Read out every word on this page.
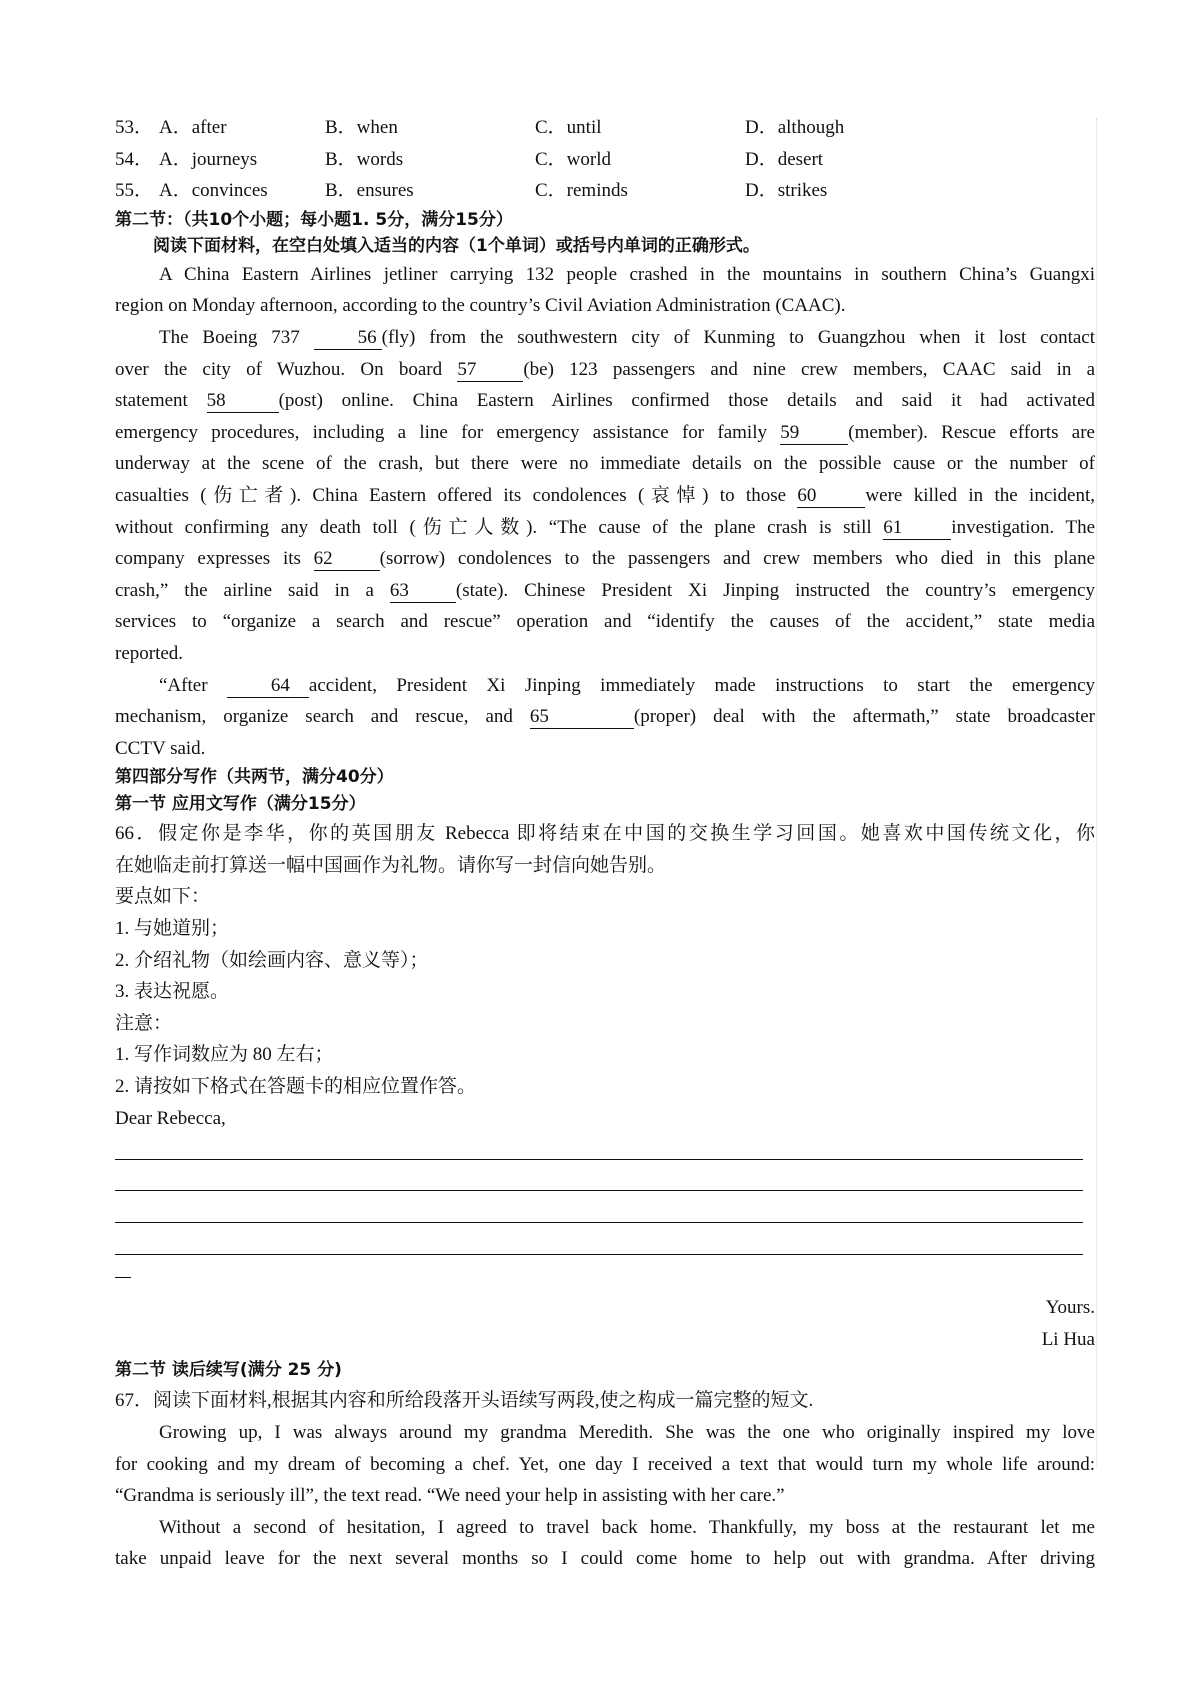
53． A．after	B．when	C．until	D．although
54． A．journeys	B．words	C．world	D．desert
55． A．convinces	B．ensures	C．reminds	D．strikes
第二节：（共10个小题；每小题1. 5分，满分15分）
阅读下面材料，在空白处填入适当的内容（1个单词）或括号内单词的正确形式。
A China Eastern Airlines jetliner carrying 132 people crashed in the mountains in southern China’s Guangxi
region on Monday afternoon, according to the country’s Civil Aviation Administration (CAAC).
The Boeing 737	56 (fly) from the southwestern city of Kunming to Guangzhou when it lost contact
over the city of Wuzhou. On board 57 (be) 123 passengers and nine crew members, CAAC said in a
statement 58	(post) online. China Eastern Airlines confirmed those details and said it had activated
emergency procedures, including a line for emergency assistance for family 59	(member). Rescue efforts are
underway at the scene of the crash, but there were no immediate details on the possible cause or the number of
casualties (伤亡者). China Eastern offered its condolences (哀悼) to those 60	were killed in the incident,
without confirming any death toll (伤亡人数). “The cause of the plane crash is still 61	investigation. The
company expresses its 62 (sorrow) condolences to the passengers and crew members who died in this plane
crash,” the airline said in a 63 (state). Chinese President Xi Jinping instructed the country’s emergency
services to “organize a search and rescue” operation and “identify the causes of the accident,” state media
reported.
“After	64 accident, President Xi Jinping immediately made instructions to start the emergency
mechanism, organize search and rescue, and 65	(proper) deal with the aftermath,” state broadcaster
CCTV said.
第四部分写作（共两节，满分40分）
第一节 应用文写作（满分15分）
66．假定你是李华，你的英国朋友 Rebecca 即将结束在中国的交换生学习回国。她喜欢中国传统文化，你
在她临走前打算送一幅中国画作为礼物。请你写一封信向她告别。
要点如下：
1. 与她道别；
2. 介绍礼物（如绘画内容、意义等）；
3. 表达祝愿。
注意：
1. 写作词数应为 80 左右；
2. 请按如下格式在答题卡的相应位置作答。
Dear Rebecca,
Yours.
Li Hua
第二节 读后续写(满分 25 分)
67．阅读下面材料,根据其内容和所给段落开头语续写两段,使之构成一篇完整的短文.
Growing up, I was always around my grandma Meredith. She was the one who originally inspired my love
for cooking and my dream of becoming a chef. Yet, one day I received a text that would turn my whole life around:
“Grandma is seriously ill”, the text read. “We need your help in assisting with her care.”
Without a second of hesitation, I agreed to travel back home. Thankfully, my boss at the restaurant let me
take unpaid leave for the next several months so I could come home to help out with grandma. After driving
